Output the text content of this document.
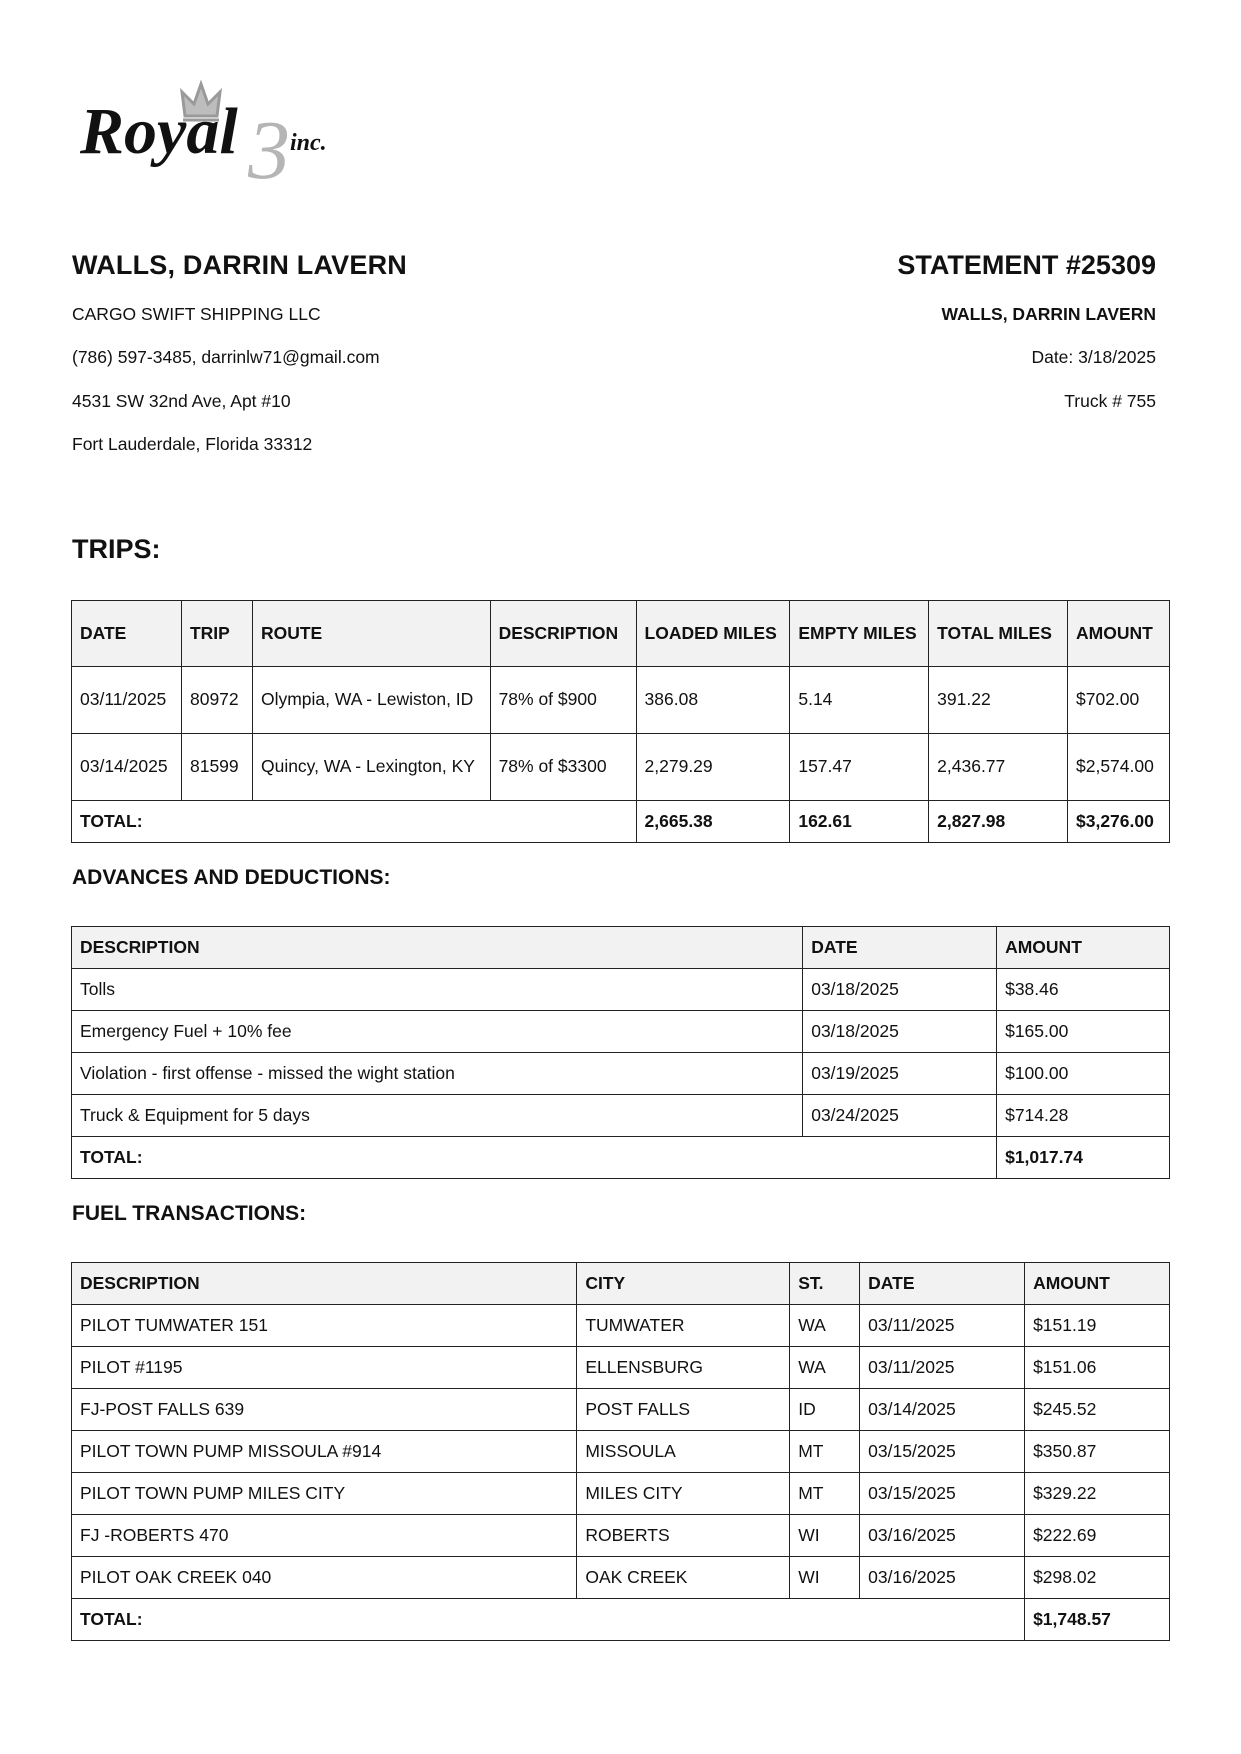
Royal 3 inc.
WALLS, DARRIN LAVERN	STATEMENT #25309
CARGO SWIFT SHIPPING LLC
(786) 597-3485, darrinlw71@gmail.com
4531 SW 32nd Ave, Apt #10
Fort Lauderdale, Florida 33312
WALLS, DARRIN LAVERN
Date: 3/18/2025
Truck # 755
TRIPS:
DATE	TRIP	ROUTE	DESCRIPTION	LOADED MILES	EMPTY MILES	TOTAL MILES	AMOUNT
03/11/2025	80972	Olympia, WA - Lewiston, ID	78% of $900	386.08	5.14	391.22	$702.00
03/14/2025	81599	Quincy, WA - Lexington, KY	78% of $3300	2,279.29	157.47	2,436.77	$2,574.00
TOTAL:				2,665.38	162.61	2,827.98	$3,276.00
ADVANCES AND DEDUCTIONS:
DESCRIPTION	DATE	AMOUNT
Tolls	03/18/2025	$38.46
Emergency Fuel + 10% fee	03/18/2025	$165.00
Violation - first offense - missed the wight station	03/19/2025	$100.00
Truck & Equipment for 5 days	03/24/2025	$714.28
TOTAL:		$1,017.74
FUEL TRANSACTIONS:
DESCRIPTION	CITY	ST.	DATE	AMOUNT
PILOT TUMWATER 151	TUMWATER	WA	03/11/2025	$151.19
PILOT #1195	ELLENSBURG	WA	03/11/2025	$151.06
FJ-POST FALLS 639	POST FALLS	ID	03/14/2025	$245.52
PILOT TOWN PUMP MISSOULA #914	MISSOULA	MT	03/15/2025	$350.87
PILOT TOWN PUMP MILES CITY	MILES CITY	MT	03/15/2025	$329.22
FJ -ROBERTS 470	ROBERTS	WI	03/16/2025	$222.69
PILOT OAK CREEK 040	OAK CREEK	WI	03/16/2025	$298.02
TOTAL:				$1,748.57
